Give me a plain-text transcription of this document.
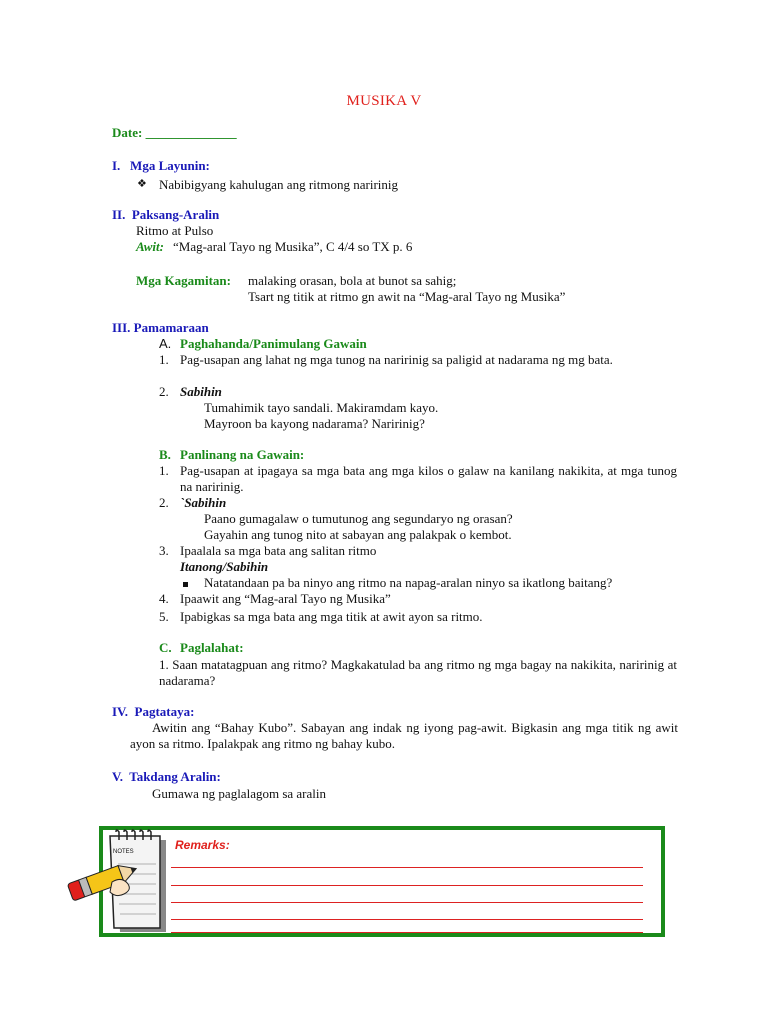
MUSIKA V
Date: ______________
I.   Mga Layunin:
❖ Nabibigyang kahulugan ang ritmong naririnig
II.  Paksang-Aralin
Ritmo at Pulso
Awit: “Mag-aral Tayo ng Musika”, C 4/4 so TX p. 6
Mga Kagamitan: malaking orasan, bola at bunot sa sahig;
Tsart ng titik at ritmo gn awit na “Mag-aral Tayo ng Musika”
III. Pamamaraan
A. Paghahanda/Panimulang Gawain
1. Pag-usapan ang lahat ng mga tunog na naririnig sa paligid at nadarama ng mg bata.
2. Sabihin
Tumahimik tayo sandali. Makiramdam kayo.
Mayroon ba kayong nadarama? Naririnig?
B. Panlinang na Gawain:
1. Pag-usapan at ipagaya sa mga bata ang mga kilos o galaw na kanilang nakikita, at mga tunog na naririnig.
2. `Sabihin
Paano gumagalaw o tumutunog ang segundaryo ng orasan?
Gayahin ang tunog nito at sabayan ang palakpak o kembot.
3. Ipaalala sa mga bata ang salitan ritmo
Itanong/Sabihin
Natatandaan pa ba ninyo ang ritmo na napag-aralan ninyo sa ikatlong baitang?
4. Ipaawit ang “Mag-aral Tayo ng Musika”
5. Ipabigkas sa mga bata ang mga titik at awit ayon sa ritmo.
C. Paglalahat:
1. Saan matatagpuan ang ritmo? Magkakatulad ba ang ritmo ng mga bagay na nakikita, naririnig at nadarama?
IV.  Pagtataya:
Awitin ang “Bahay Kubo”. Sabayan ang indak ng iyong pag-awit. Bigkasin ang mga titik ng awit ayon sa ritmo. Ipalakpak ang ritmo ng bahay kubo.
V.  Takdang Aralin:
Gumawa ng paglalagom sa aralin
Remarks:
NOTES
